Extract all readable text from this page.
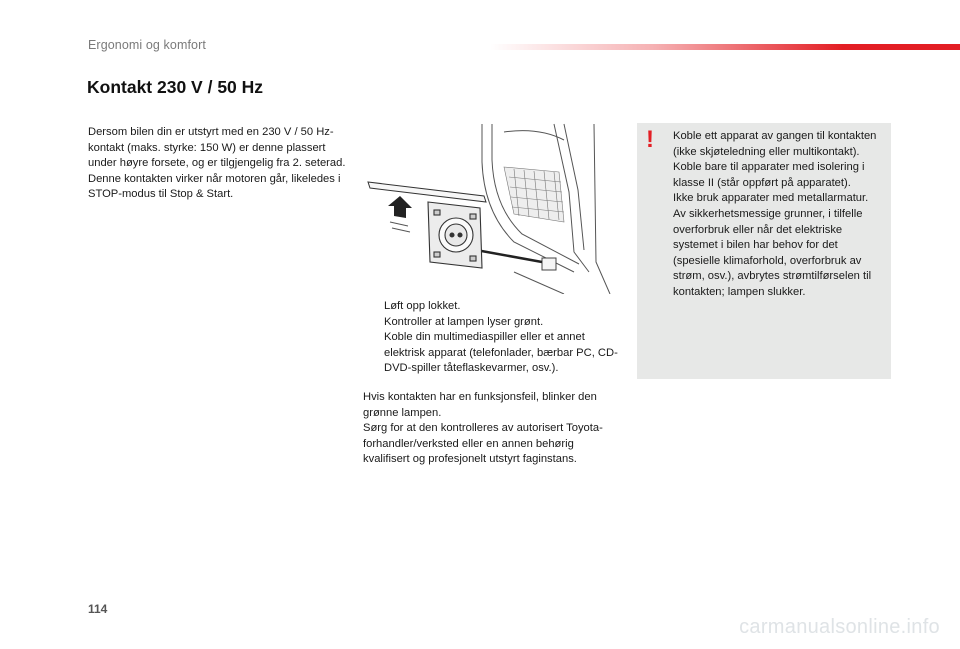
Ergonomi og komfort
Kontakt 230 V / 50 Hz

Dersom bilen din er utstyrt med en 230 V / 50 Hz-kontakt (maks. styrke: 150 W) er denne plassert under høyre forsete, og er tilgjengelig fra 2. seterad.

Denne kontakten virker når motoren går, likeledes i STOP-modus til Stop & Start.

Løft opp lokket.
Kontroller at lampen lyser grønt.
Koble din multimediaspiller eller et annet elektrisk apparat (telefonlader, bærbar PC, CD-DVD-spiller tåteflaskevarmer, osv.).

Hvis kontakten har en funksjonsfeil, blinker den grønne lampen.

Sørg for at den kontrolleres av autorisert Toyota-forhandler/verksted eller en annen behørig kvalifisert og profesjonelt utstyrt faginstans.

! Koble ett apparat av gangen til kontakten (ikke skjøteledning eller multikontakt).

Koble bare til apparater med isolering i klasse II (står oppført på apparatet).

Ikke bruk apparater med metallarmatur.

Av sikkerhetsmessige grunner, i tilfelle overforbruk eller når det elektriske systemet i bilen har behov for det (spesielle klimaforhold, overforbruk av strøm, osv.), avbrytes strømtilførselen til kontakten; lampen slukker.

114
carmanualsonline.info
